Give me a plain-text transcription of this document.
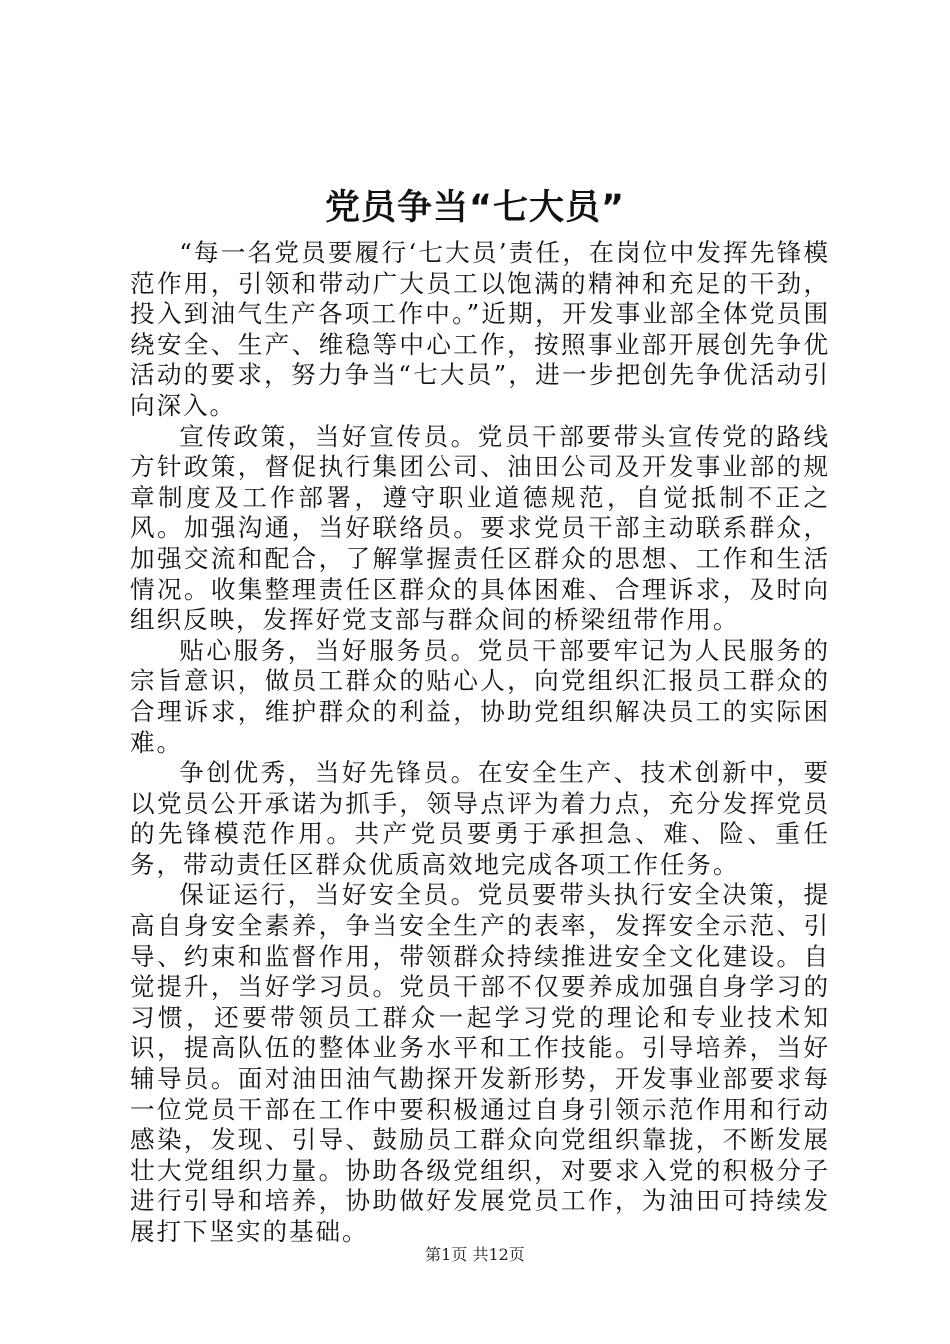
党员争当“七大员”

“每一名党员要履行‘七大员’责任，在岗位中发挥先锋模范作用，引领和带动广大员工以饱满的精神和充足的干劲，投入到油气生产各项工作中。”近期，开发事业部全体党员围绕安全、生产、维稳等中心工作，按照事业部开展创先争优活动的要求，努力争当“七大员”，进一步把创先争优活动引向深入。

宣传政策，当好宣传员。党员干部要带头宣传党的路线方针政策，督促执行集团公司、油田公司及开发事业部的规章制度及工作部署，遵守职业道德规范，自觉抵制不正之风。加强沟通，当好联络员。要求党员干部主动联系群众，加强交流和配合，了解掌握责任区群众的思想、工作和生活情况。收集整理责任区群众的具体困难、合理诉求，及时向组织反映，发挥好党支部与群众间的桥梁纽带作用。

贴心服务，当好服务员。党员干部要牢记为人民服务的宗旨意识，做员工群众的贴心人，向党组织汇报员工群众的合理诉求，维护群众的利益，协助党组织解决员工的实际困难。

争创优秀，当好先锋员。在安全生产、技术创新中，要以党员公开承诺为抓手，领导点评为着力点，充分发挥党员的先锋模范作用。共产党员要勇于承担急、难、险、重任务，带动责任区群众优质高效地完成各项工作任务。

保证运行，当好安全员。党员要带头执行安全决策，提高自身安全素养，争当安全生产的表率，发挥安全示范、引导、约束和监督作用，带领群众持续推进安全文化建设。自觉提升，当好学习员。党员干部不仅要养成加强自身学习的习惯，还要带领员工群众一起学习党的理论和专业技术知识，提高队伍的整体业务水平和工作技能。引导培养，当好辅导员。面对油田油气勘探开发新形势，开发事业部要求每一位党员干部在工作中要积极通过自身引领示范作用和行动感染，发现、引导、鼓励员工群众向党组织靠拢，不断发展壮大党组织力量。协助各级党组织，对要求入党的积极分子进行引导和培养，协助做好发展党员工作，为油田可持续发展打下坚实的基础。

第1页 共12页
